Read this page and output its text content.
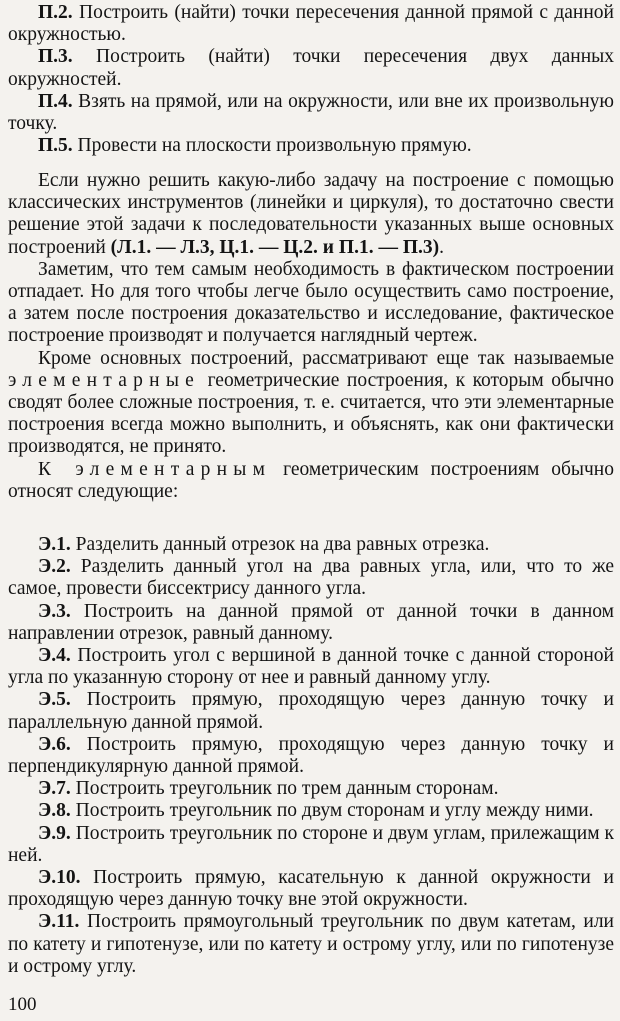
П.2. Построить (найти) точки пересечения данной прямой с данной окружностью.

П.3. Построить (найти) точки пересечения двух данных окружностей.

П.4. Взять на прямой, или на окружности, или вне их произвольную точку.

П.5. Провести на плоскости произвольную прямую.

Если нужно решить какую-либо задачу на построение с помощью классических инструментов (линейки и циркуля), то достаточно свести решение этой задачи к последовательности указанных выше основных построений (Л.1. — Л.3, Ц.1. — Ц.2. и П.1. — П.3).

Заметим, что тем самым необходимость в фактическом построении отпадает. Но для того чтобы легче было осуществить само построение, а затем после построения доказательство и исследование, фактическое построение производят и получается наглядный чертеж.

Кроме основных построений, рассматривают еще так называемые элементарные геометрические построения, к которым обычно сводят более сложные построения, т. е. считается, что эти элементарные построения всегда можно выполнить, и объяснять, как они фактически производятся, не принято.

К элементарным геометрическим построениям обычно относят следующие:

Э.1. Разделить данный отрезок на два равных отрезка.

Э.2. Разделить данный угол на два равных угла, или, что то же самое, провести биссектрису данного угла.

Э.3. Построить на данной прямой от данной точки в данном направлении отрезок, равный данному.

Э.4. Построить угол с вершиной в данной точке с данной стороной угла по указанную сторону от нее и равный данному углу.

Э.5. Построить прямую, проходящую через данную точку и параллельную данной прямой.

Э.6. Построить прямую, проходящую через данную точку и перпендикулярную данной прямой.

Э.7. Построить треугольник по трем данным сторонам.

Э.8. Построить треугольник по двум сторонам и углу между ними.

Э.9. Построить треугольник по стороне и двум углам, прилежащим к ней.

Э.10. Построить прямую, касательную к данной окружности и проходящую через данную точку вне этой окружности.

Э.11. Построить прямоугольный треугольник по двум катетам, или по катету и гипотенузе, или по катету и острому углу, или по гипотенузе и острому углу.

100
